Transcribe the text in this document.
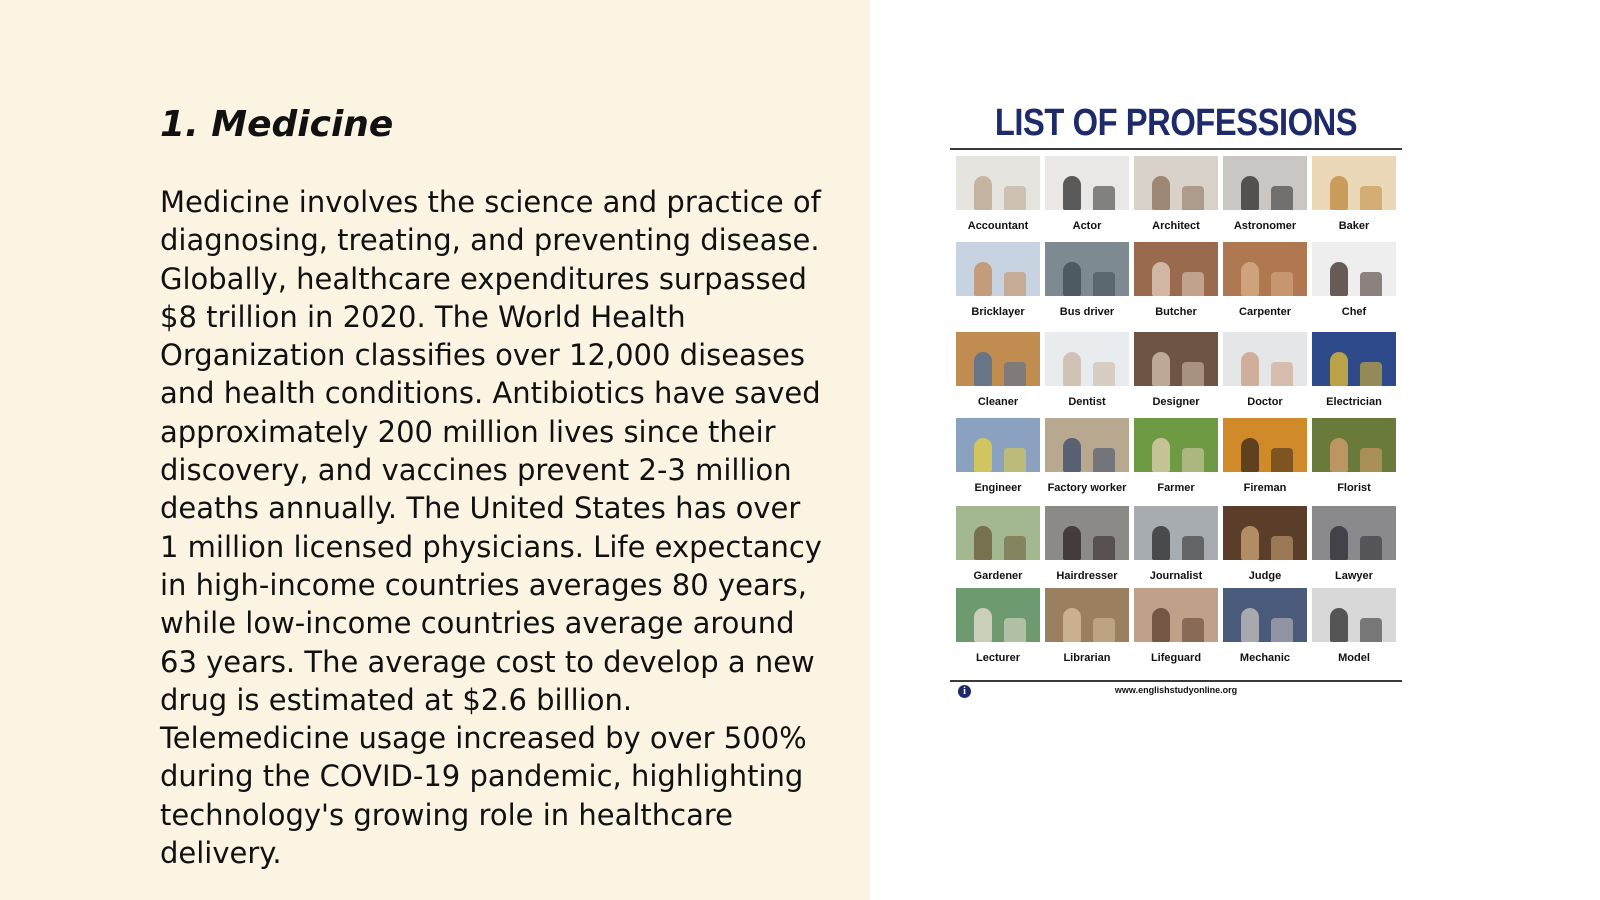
1. Medicine

Medicine involves the science and practice of
diagnosing, treating, and preventing disease.
Globally, healthcare expenditures surpassed
$8 trillion in 2020. The World Health
Organization classifies over 12,000 diseases
and health conditions. Antibiotics have saved
approximately 200 million lives since their
discovery, and vaccines prevent 2-3 million
deaths annually. The United States has over
1 million licensed physicians. Life expectancy
in high-income countries averages 80 years,
while low-income countries average around
63 years. The average cost to develop a new
drug is estimated at $2.6 billion.
Telemedicine usage increased by over 500%
during the COVID-19 pandemic, highlighting
technology's growing role in healthcare
delivery.

LIST OF PROFESSIONS
Accountant	Actor	Architect	Astronomer	Baker
Bricklayer	Bus driver	Butcher	Carpenter	Chef
Cleaner	Dentist	Designer	Doctor	Electrician
Engineer	Factory worker	Farmer	Fireman	Florist
Gardener	Hairdresser	Journalist	Judge	Lawyer
Lecturer	Librarian	Lifeguard	Mechanic	Model
i	www.englishstudyonline.org
